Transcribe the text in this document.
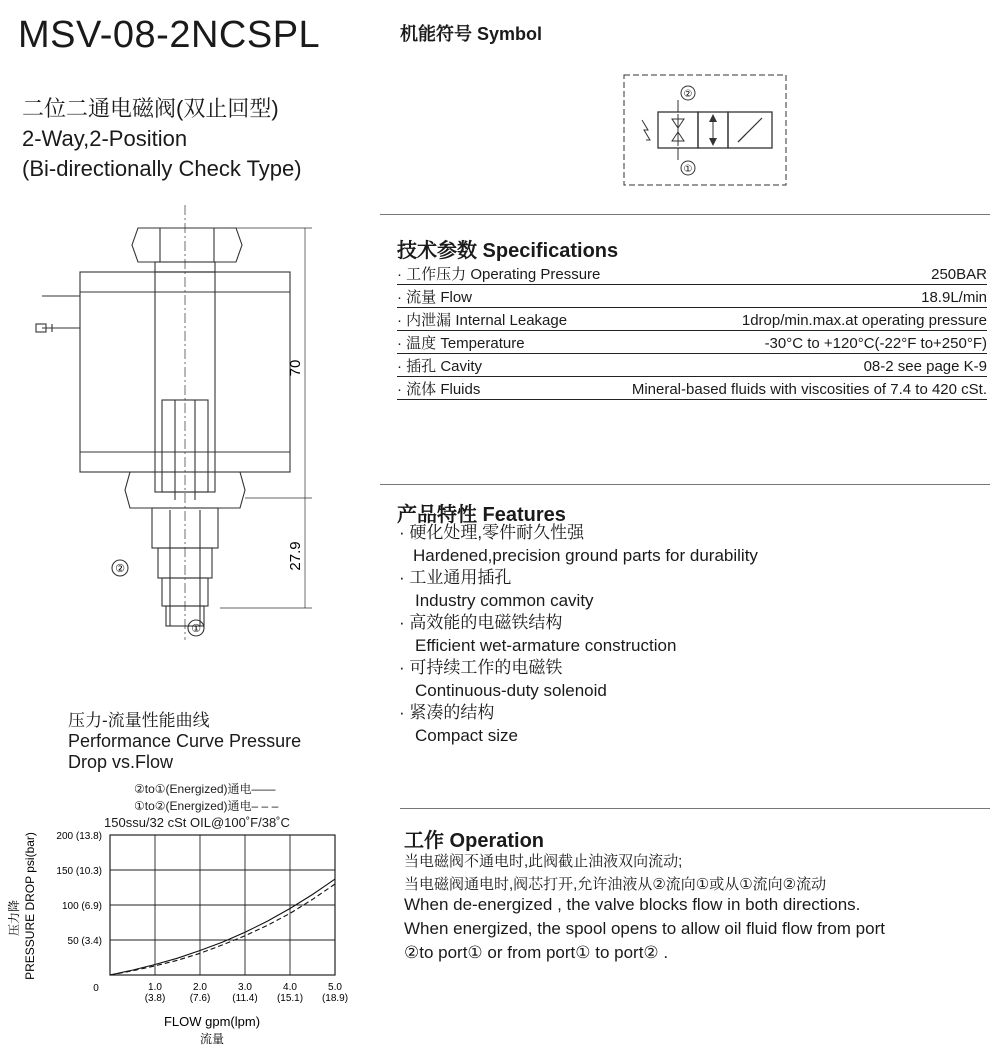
MSV-08-2NCSPL
二位二通电磁阀(双止回型)
2-Way,2-Position
(Bi-directionally Check Type)
机能符号 Symbol
②
①
70
27.9
②
①
技术参数 Specifications
· 工作压力 Operating Pressure	250BAR
· 流量 Flow	18.9L/min
· 内泄漏 Internal Leakage	1drop/min.max.at operating pressure
· 温度 Temperature	-30°C to +120°C(-22°F to+250°F)
· 插孔 Cavity	08-2 see page K-9
· 流体 Fluids	Mineral-based fluids with viscosities of 7.4 to 420 cSt.
产品特性 Features
· 硬化处理,零件耐久性强
Hardened,precision ground parts for durability
· 工业通用插孔
Industry common cavity
· 高效能的电磁铁结构
Efficient wet-armature construction
· 可持续工作的电磁铁
Continuous-duty solenoid
· 紧凑的结构
Compact size
工作 Operation
当电磁阀不通电时,此阀截止油液双向流动;
当电磁阀通电时,阀芯打开,允许油液从②流向①或从①流向②流动
When de-energized , the valve blocks flow in both directions.
When energized, the spool opens to allow oil fluid flow from port
②to port① or from port① to port② .
压力-流量性能曲线
Performance Curve Pressure
Drop vs.Flow
②to①(Energized)通电——
①to②(Energized)通电– – –
150ssu/32 cSt OIL@100˚F/38˚C
1.0
(3.8)
2.0
(7.6)
3.0
(11.4)
4.0
(15.1)
5.0
(18.9)
50 (3.4)
100 (6.9)
150 (10.3)
200 (13.8)
0
FLOW gpm(lpm)
流量
PRESSURE DROP psi(bar)
压力降
